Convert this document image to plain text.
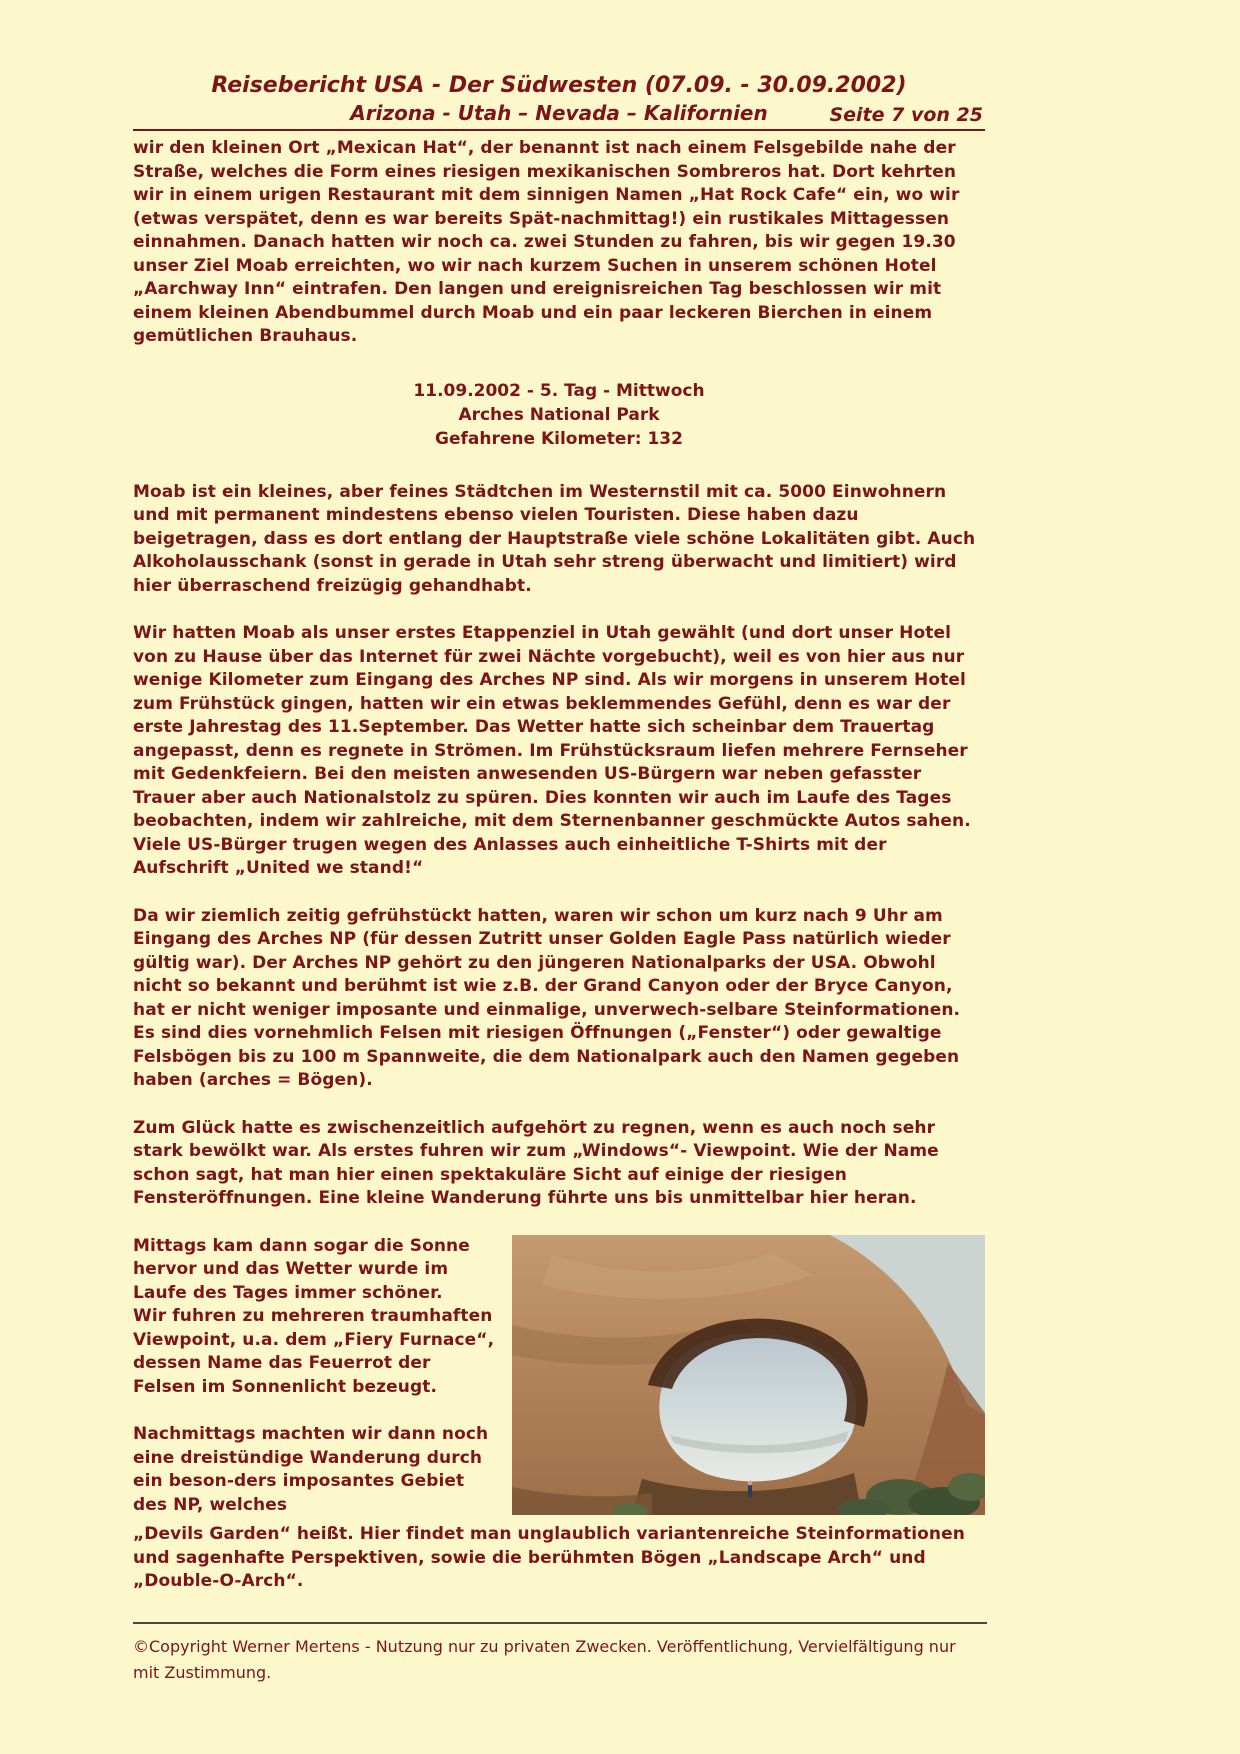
Reisebericht USA - Der Südwesten (07.09. - 30.09.2002)
Arizona - Utah – Nevada – Kalifornien	Seite 7 von 25

wir den kleinen Ort „Mexican Hat“, der benannt ist nach einem Felsgebilde nahe der Straße, welches die Form eines riesigen mexikanischen Sombreros hat. Dort kehrten wir in einem urigen Restaurant mit dem sinnigen Namen „Hat Rock Cafe“ ein, wo wir (etwas verspätet, denn es war bereits Spät-nachmittag!) ein rustikales Mittagessen einnahmen. Danach hatten wir noch ca. zwei Stunden zu fahren, bis wir gegen 19.30 unser Ziel Moab erreichten, wo wir nach kurzem Suchen in unserem schönen Hotel „Aarchway Inn“ eintrafen. Den langen und ereignisreichen Tag beschlossen wir mit einem kleinen Abendbummel durch Moab und ein paar leckeren Bierchen in einem gemütlichen Brauhaus.

11.09.2002 - 5. Tag - Mittwoch
Arches National Park
Gefahrene Kilometer: 132

Moab ist ein kleines, aber feines Städtchen im Westernstil mit ca. 5000 Einwohnern und mit permanent mindestens ebenso vielen Touristen. Diese haben dazu beigetragen, dass es dort entlang der Hauptstraße viele schöne Lokalitäten gibt. Auch Alkoholausschank (sonst in gerade in Utah sehr streng überwacht und limitiert) wird hier überraschend freizügig gehandhabt.

Wir hatten Moab als unser erstes Etappenziel in Utah gewählt (und dort unser Hotel von zu Hause über das Internet für zwei Nächte vorgebucht), weil es von hier aus nur wenige Kilometer zum Eingang des Arches NP sind. Als wir morgens in unserem Hotel zum Frühstück gingen, hatten wir ein etwas beklemmendes Gefühl, denn es war der erste Jahrestag des 11.September. Das Wetter hatte sich scheinbar dem Trauertag angepasst, denn es regnete in Strömen. Im Frühstücksraum liefen mehrere Fernseher mit Gedenkfeiern. Bei den meisten anwesenden US-Bürgern war neben gefasster Trauer aber auch Nationalstolz zu spüren. Dies konnten wir auch im Laufe des Tages beobachten, indem wir zahlreiche, mit dem Sternenbanner geschmückte Autos sahen. Viele US-Bürger trugen wegen des Anlasses auch einheitliche T-Shirts mit der Aufschrift „United we stand!“

Da wir ziemlich zeitig gefrühstückt hatten, waren wir schon um kurz nach 9 Uhr am Eingang des Arches NP (für dessen Zutritt unser Golden Eagle Pass natürlich wieder gültig war). Der Arches NP gehört zu den jüngeren Nationalparks der USA. Obwohl nicht so bekannt und berühmt ist wie z.B. der Grand Canyon oder der Bryce Canyon, hat er nicht weniger imposante und einmalige, unverwech-selbare Steinformationen. Es sind dies vornehmlich Felsen mit riesigen Öffnungen („Fenster“) oder gewaltige Felsbögen bis zu 100 m Spannweite, die dem Nationalpark auch den Namen gegeben haben (arches = Bögen).

Zum Glück hatte es zwischenzeitlich aufgehört zu regnen, wenn es auch noch sehr stark bewölkt war. Als erstes fuhren wir zum „Windows“- Viewpoint. Wie der Name schon sagt, hat man hier einen spektakuläre Sicht auf einige der riesigen Fensteröffnungen. Eine kleine Wanderung führte uns bis unmittelbar hier heran.

Mittags kam dann sogar die Sonne hervor und das Wetter wurde im Laufe des Tages immer schöner.
Wir fuhren zu mehreren traumhaften Viewpoint, u.a. dem „Fiery Furnace“, dessen Name das Feuerrot der Felsen im Sonnenlicht bezeugt.

Nachmittags machten wir dann noch eine dreistündige Wanderung durch ein beson-ders imposantes Gebiet des NP, welches

„Devils Garden“ heißt. Hier findet man unglaublich variantenreiche Steinformationen und sagenhafte Perspektiven, sowie die berühmten Bögen „Landscape Arch“ und „Double-O-Arch“.

©Copyright Werner Mertens - Nutzung nur zu privaten Zwecken. Veröffentlichung, Vervielfältigung nur mit Zustimmung.
